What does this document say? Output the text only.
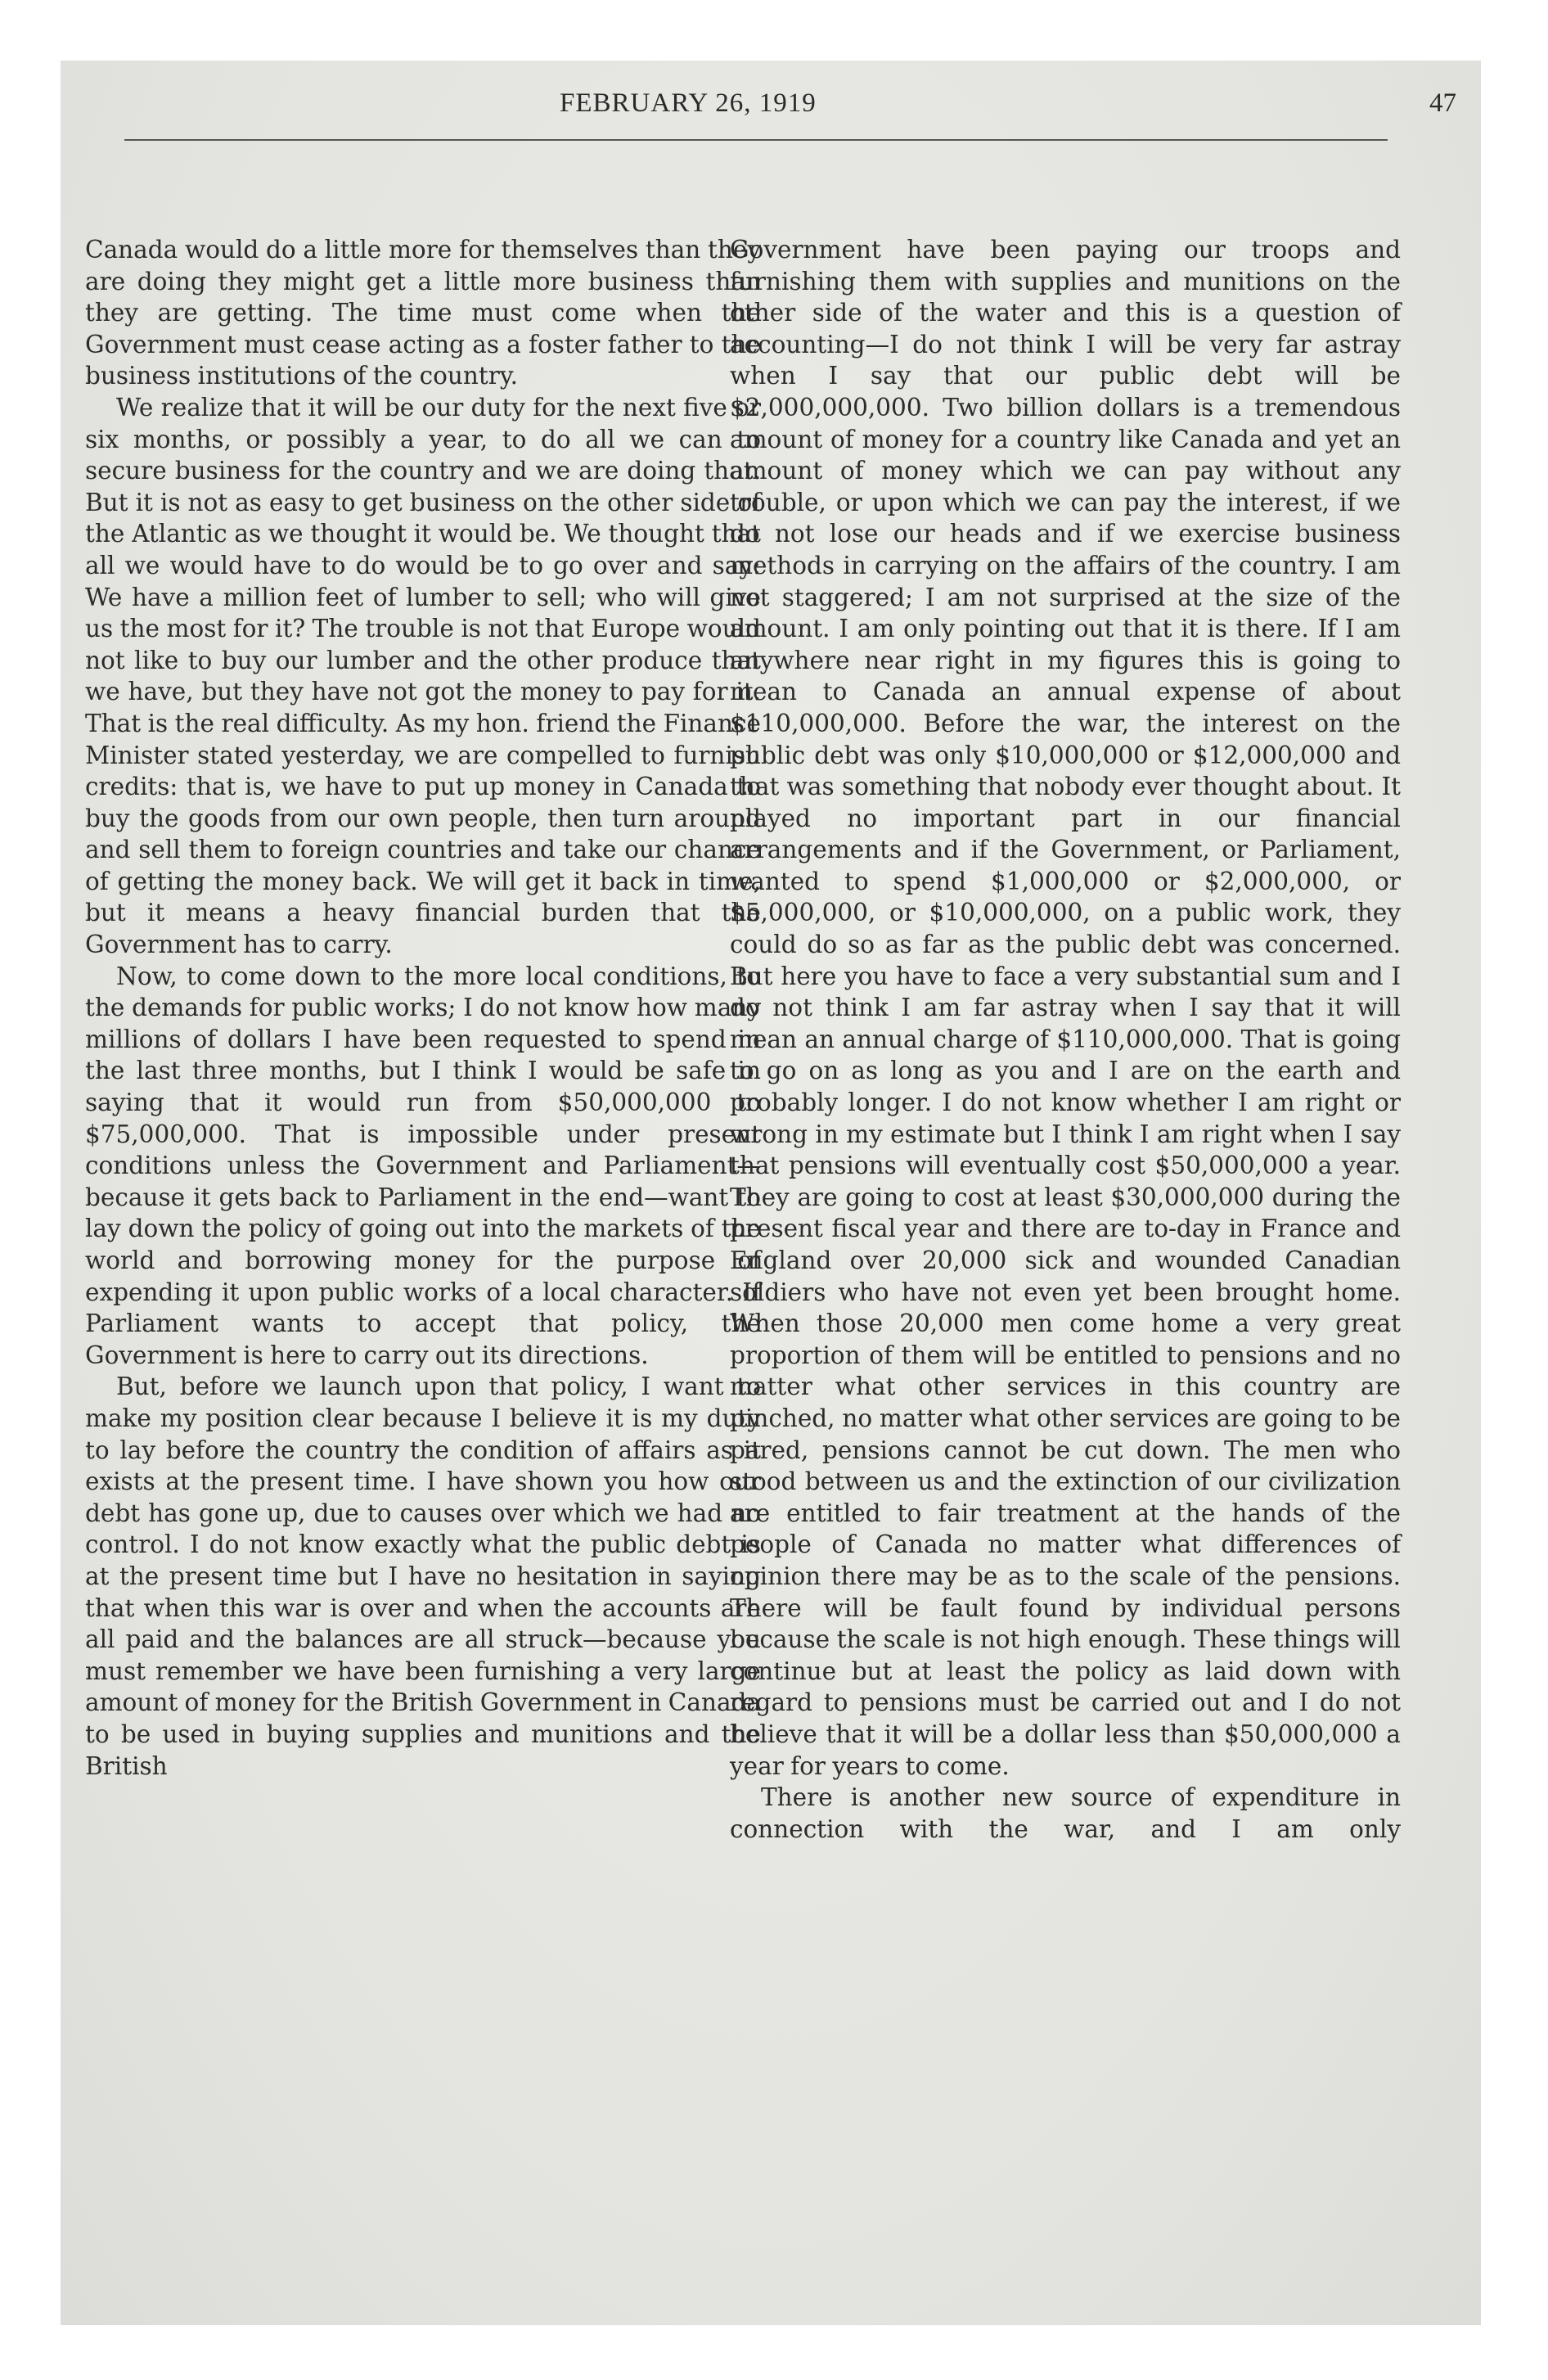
FEBRUARY 26, 1919	47

Canada would do a little more for themselves than they are doing they might get a little more business than they are getting. The time must come when the Government must cease acting as a foster father to the business institutions of the country.

We realize that it will be our duty for the next five or six months, or possibly a year, to do all we can to secure business for the country and we are doing that. But it is not as easy to get business on the other side of the Atlantic as we thought it would be. We thought that all we would have to do would be to go over and say: We have a million feet of lumber to sell; who will give us the most for it? The trouble is not that Europe would not like to buy our lumber and the other produce that we have, but they have not got the money to pay for it. That is the real difficulty. As my hon. friend the Finance Minister stated yesterday, we are compelled to furnish credits: that is, we have to put up money in Canada to buy the goods from our own people, then turn around and sell them to foreign countries and take our chance of getting the money back. We will get it back in time, but it means a heavy financial burden that the Government has to carry.

Now, to come down to the more local conditions, to the demands for public works; I do not know how many millions of dollars I have been requested to spend in the last three months, but I think I would be safe in saying that it would run from $50,000,000 to $75,000,000. That is impossible under present conditions unless the Government and Parliament—because it gets back to Parliament in the end—want to lay down the policy of going out into the markets of the world and borrowing money for the purpose of expending it upon public works of a local character. If Parliament wants to accept that policy, the Government is here to carry out its directions.

But, before we launch upon that policy, I want to make my position clear because I believe it is my duty to lay before the country the condition of affairs as it exists at the present time. I have shown you how our debt has gone up, due to causes over which we had no control. I do not know exactly what the public debt is at the present time but I have no hesitation in saying that when this war is over and when the accounts are all paid and the balances are all struck—because you must remember we have been furnishing a very large amount of money for the British Government in Canada to be used in buying supplies and munitions and the British

Government have been paying our troops and furnishing them with supplies and munitions on the other side of the water and this is a question of accounting—I do not think I will be very far astray when I say that our public debt will be $2,000,000,000. Two billion dollars is a tremendous amount of money for a country like Canada and yet an amount of money which we can pay without any trouble, or upon which we can pay the interest, if we do not lose our heads and if we exercise business methods in carrying on the affairs of the country. I am not staggered; I am not surprised at the size of the amount. I am only pointing out that it is there. If I am anywhere near right in my figures this is going to mean to Canada an annual expense of about $110,000,000. Before the war, the interest on the public debt was only $10,000,000 or $12,000,000 and that was something that nobody ever thought about. It played no important part in our financial arrangements and if the Government, or Parliament, wanted to spend $1,000,000 or $2,000,000, or $5,000,000, or $10,000,000, on a public work, they could do so as far as the public debt was concerned. But here you have to face a very substantial sum and I do not think I am far astray when I say that it will mean an annual charge of $110,000,000. That is going to go on as long as you and I are on the earth and probably longer. I do not know whether I am right or wrong in my estimate but I think I am right when I say that pensions will eventually cost $50,000,000 a year. They are going to cost at least $30,000,000 during the present fiscal year and there are to-day in France and England over 20,000 sick and wounded Canadian soldiers who have not even yet been brought home. When those 20,000 men come home a very great proportion of them will be entitled to pensions and no matter what other services in this country are pinched, no matter what other services are going to be pared, pensions cannot be cut down. The men who stood between us and the extinction of our civilization are entitled to fair treatment at the hands of the people of Canada no matter what differences of opinion there may be as to the scale of the pensions. There will be fault found by individual persons because the scale is not high enough. These things will continue but at least the policy as laid down with regard to pensions must be carried out and I do not believe that it will be a dollar less than $50,000,000 a year for years to come.

There is another new source of expenditure in connection with the war, and I am only
